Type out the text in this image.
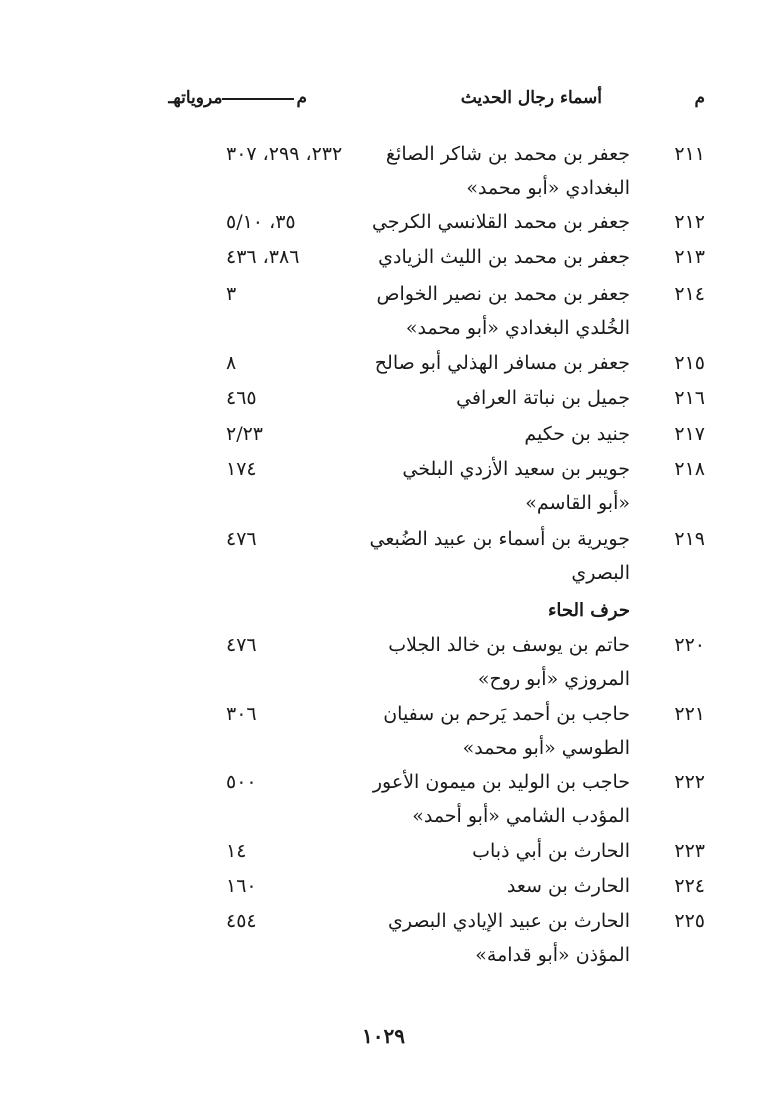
م
أسماء رجال الحديث
ممروياتهـ
٢١١
جعفر بن محمد بن شاكر الصائغ
٢٣٢، ٢٩٩، ٣٠٧
البغدادي «أبو محمد»
٢١٢
جعفر بن محمد القلانسي الكرجي
٣٥، ٥/١٠
٢١٣
جعفر بن محمد بن الليث الزيادي
٣٨٦، ٤٣٦
٢١٤
جعفر بن محمد بن نصير الخواص
٣
الخُلدي البغدادي «أبو محمد»
٢١٥
جعفر بن مسافر الهذلي أبو صالح
٨
٢١٦
جميل بن نباتة العرافي
٤٦٥
٢١٧
جنيد بن حكيم
٢/٢٣
٢١٨
جويبر بن سعيد الأزدي البلخي
١٧٤
«أبو القاسم»
٢١٩
جويرية بن أسماء بن عبيد الضُبعي
٤٧٦
البصري
حرف الحاء
٢٢٠
حاتم بن يوسف بن خالد الجلاب
٤٧٦
المروزي «أبو روح»
٢٢١
حاجب بن أحمد يَرحم بن سفيان
٣٠٦
الطوسي «أبو محمد»
٢٢٢
حاجب بن الوليد بن ميمون الأعور
٥٠٠
المؤدب الشامي «أبو أحمد»
٢٢٣
الحارث بن أبي ذباب
١٤
٢٢٤
الحارث بن سعد
١٦٠
٢٢٥
الحارث بن عبيد الإيادي البصري
٤٥٤
المؤذن «أبو قدامة»
١٠٢٩
